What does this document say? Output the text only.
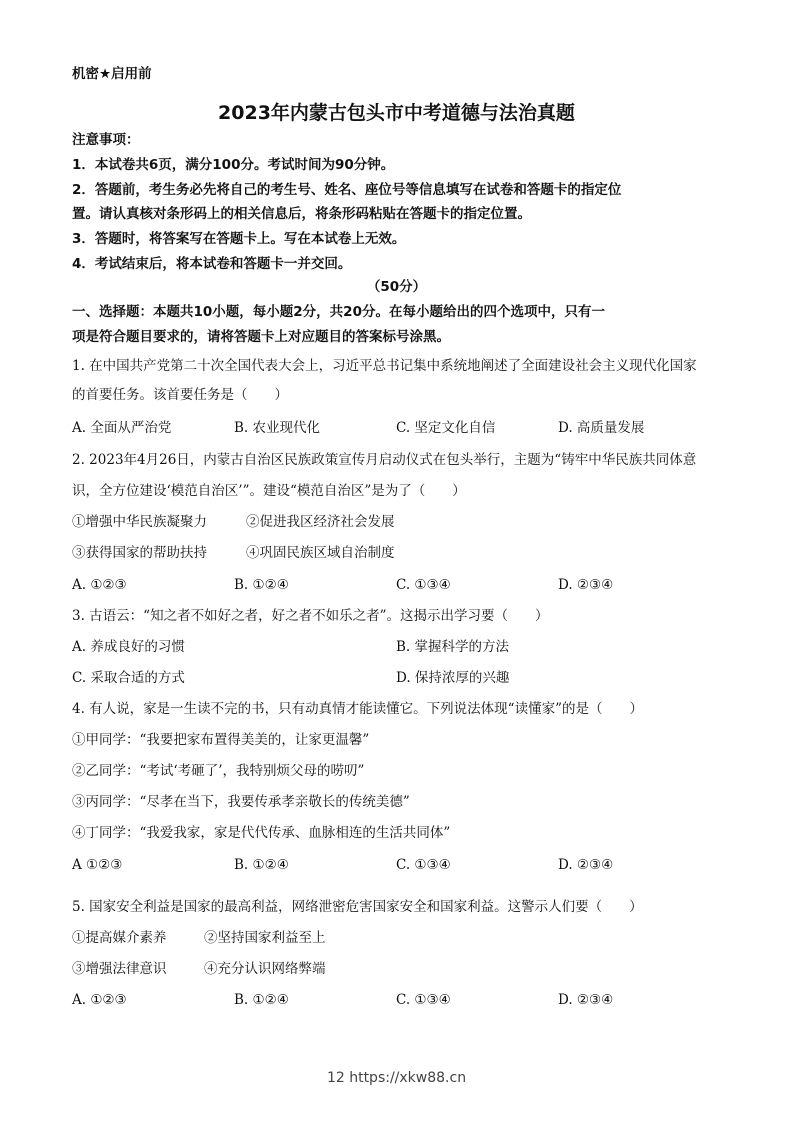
机密★启用前
2023年内蒙古包头市中考道德与法治真题
注意事项：
1．本试卷共6页，满分100分。考试时间为90分钟。
2．答题前，考生务必先将自己的考生号、姓名、座位号等信息填写在试卷和答题卡的指定位
置。请认真核对条形码上的相关信息后，将条形码粘贴在答题卡的指定位置。
3．答题时，将答案写在答题卡上。写在本试卷上无效。
4．考试结束后，将本试卷和答题卡一并交回。
（50分）
一、选择题：本题共10小题，每小题2分，共20分。在每小题给出的四个选项中，只有一
项是符合题目要求的，请将答题卡上对应题目的答案标号涂黑。
1. 在中国共产党第二十次全国代表大会上，习近平总书记集中系统地阐述了全面建设社会主义现代化国家
的首要任务。该首要任务是（　　）
A. 全面从严治党	B. 农业现代化	C. 坚定文化自信	D. 高质量发展
2. 2023年4月26日，内蒙古自治区民族政策宣传月启动仪式在包头举行，主题为“铸牢中华民族共同体意
识，全方位建设‘模范自治区’”。建设“模范自治区”是为了（　　）
①增强中华民族凝聚力	②促进我区经济社会发展
③获得国家的帮助扶持	④巩固民族区域自治制度
A. ①②③	B. ①②④	C. ①③④	D. ②③④
3. 古语云：“知之者不如好之者，好之者不如乐之者”。这揭示出学习要（　　）
A. 养成良好的习惯	B. 掌握科学的方法
C. 采取合适的方式	D. 保持浓厚的兴趣
4. 有人说，家是一生读不完的书，只有动真情才能读懂它。下列说法体现“读懂家”的是（　　）
①甲同学：“我要把家布置得美美的，让家更温馨”
②乙同学：“考试‘考砸了’，我特别烦父母的唠叨”
③丙同学：“尽孝在当下，我要传承孝亲敬长的传统美德”
④丁同学：“我爱我家，家是代代传承、血脉相连的生活共同体”
A ①②③	B. ①②④	C. ①③④	D. ②③④
5. 国家安全利益是国家的最高利益，网络泄密危害国家安全和国家利益。这警示人们要（　　）
①提高媒介素养	②坚持国家利益至上
③增强法律意识	④充分认识网络弊端
A. ①②③	B. ①②④	C. ①③④	D. ②③④
12 https://xkw88.cn
